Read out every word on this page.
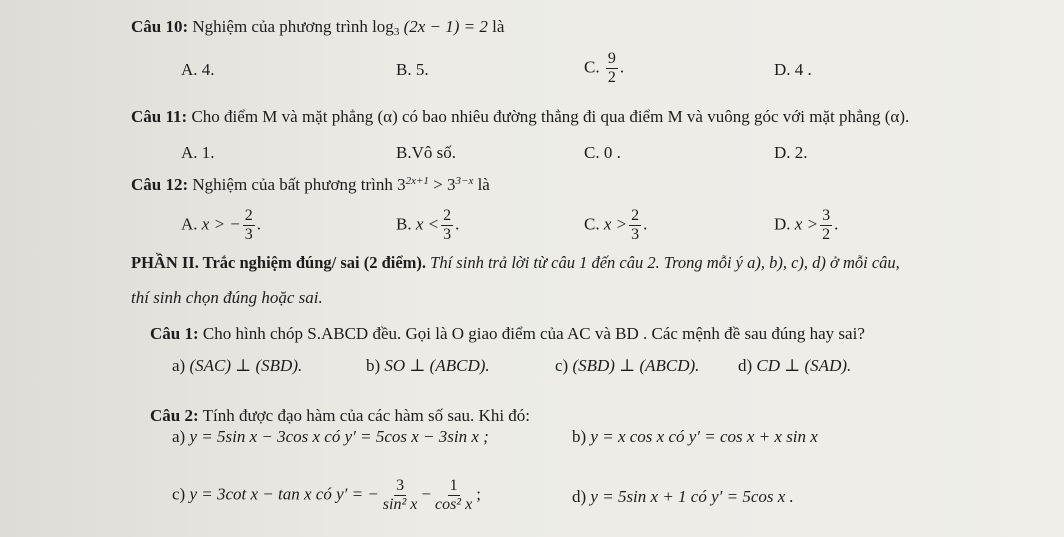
Câu 10: Nghiệm của phương trình $\log_3 (2x - 1) = 2$ là
A. 4.	B. 5.	C. $\frac{9}{2}$ .	D. 4 .
Câu 11: Cho điểm M và mặt phẳng (α) có bao nhiêu đường thẳng đi qua điểm M và vuông góc với mặt phẳng (α).
A. 1.	B.Vô số.	C. 0 .	D. 2.
Câu 12: Nghiệm của bất phương trình $3^{2x+1} > 3^{3-x}$ là
A. x > − $\frac{2}{3}$ .	B. $x < \frac{2}{3}$ .	C. $x > \frac{2}{3}$ .	D. $x > \frac{3}{2}$ .
PHẦN II. Trắc nghiệm đúng/ sai (2 điểm). Thí sinh trả lời từ câu 1 đến câu 2. Trong mỗi ý a), b), c), d) ở mỗi câu,
thí sinh chọn đúng hoặc sai.
Câu 1: Cho hình chóp S.ABCD đều. Gọi là O giao điểm của AC và BD . Các mệnh đề sau đúng hay sai?
a) (SAC) ⊥ (SBD).	b) SO ⊥ (ABCD).	c) (SBD) ⊥ (ABCD). d) CD ⊥ (SAD).
Câu 2: Tính được đạo hàm của các hàm số sau. Khi đó:
a) y = 5sin x − 3cos x có y′ = 5cos x − 3sin x ;	b) y = x cos x có y′ = cos x + x sin x
c) y = 3cot x − tan x có y′ = − $\frac{3}{\text{sin² x}} - \frac{1}{\text{cos² x}}$ ;	d) y = 5sin x + 1 có y′ = 5cos x .
